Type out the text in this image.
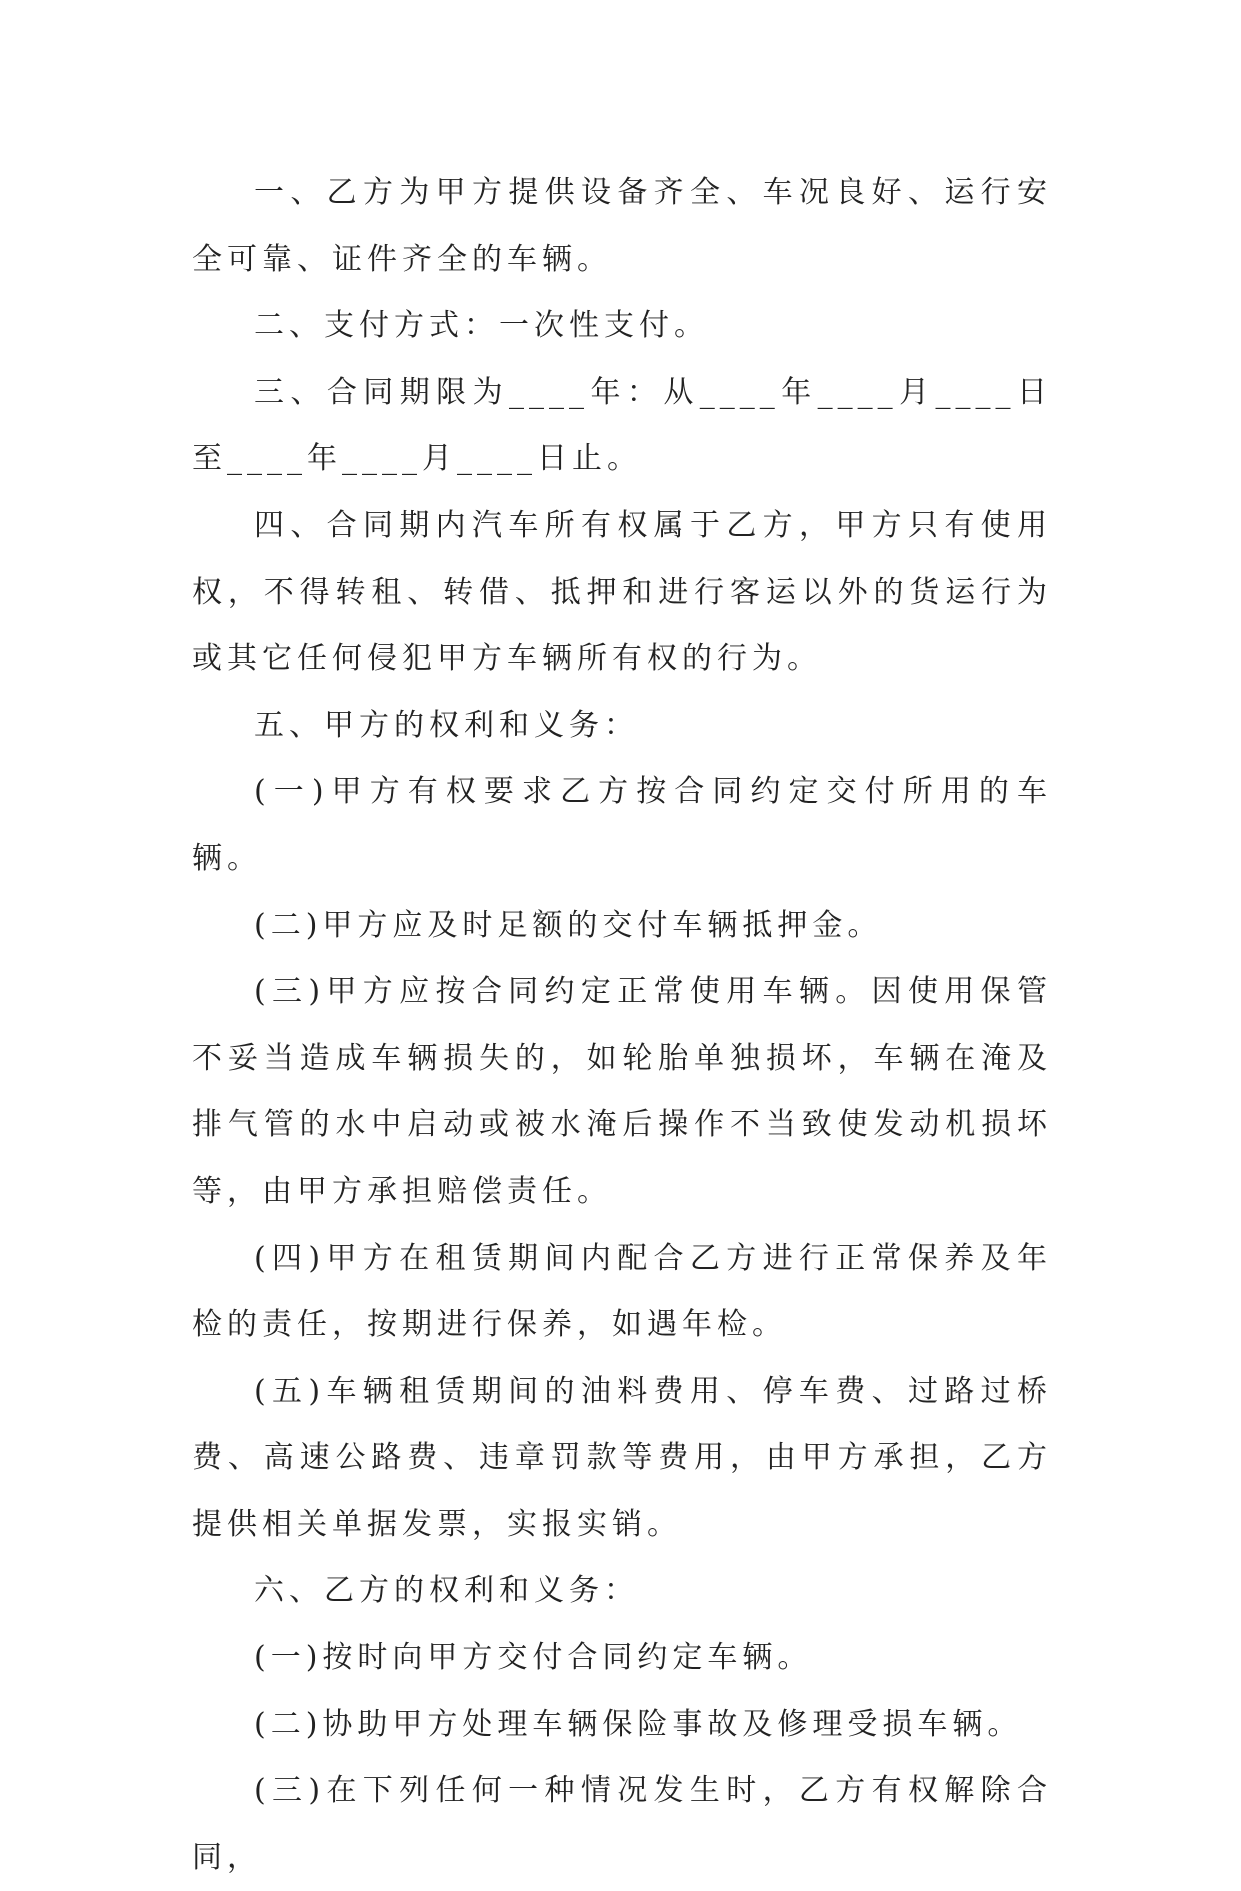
一、乙方为甲方提供设备齐全、车况良好、运行安全可靠、证件齐全的车辆。

二、支付方式：一次性支付。

三、合同期限为____年：从____年____月____日至____年____月____日止。

四、合同期内汽车所有权属于乙方，甲方只有使用权，不得转租、转借、抵押和进行客运以外的货运行为或其它任何侵犯甲方车辆所有权的行为。

五、甲方的权利和义务：

(一)甲方有权要求乙方按合同约定交付所用的车辆。

(二)甲方应及时足额的交付车辆抵押金。

(三)甲方应按合同约定正常使用车辆。因使用保管不妥当造成车辆损失的，如轮胎单独损坏，车辆在淹及排气管的水中启动或被水淹后操作不当致使发动机损坏等，由甲方承担赔偿责任。

(四)甲方在租赁期间内配合乙方进行正常保养及年检的责任，按期进行保养，如遇年检。

(五)车辆租赁期间的油料费用、停车费、过路过桥费、高速公路费、违章罚款等费用，由甲方承担，乙方提供相关单据发票，实报实销。

六、乙方的权利和义务：

(一)按时向甲方交付合同约定车辆。

(二)协助甲方处理车辆保险事故及修理受损车辆。

(三)在下列任何一种情况发生时，乙方有权解除合同，
